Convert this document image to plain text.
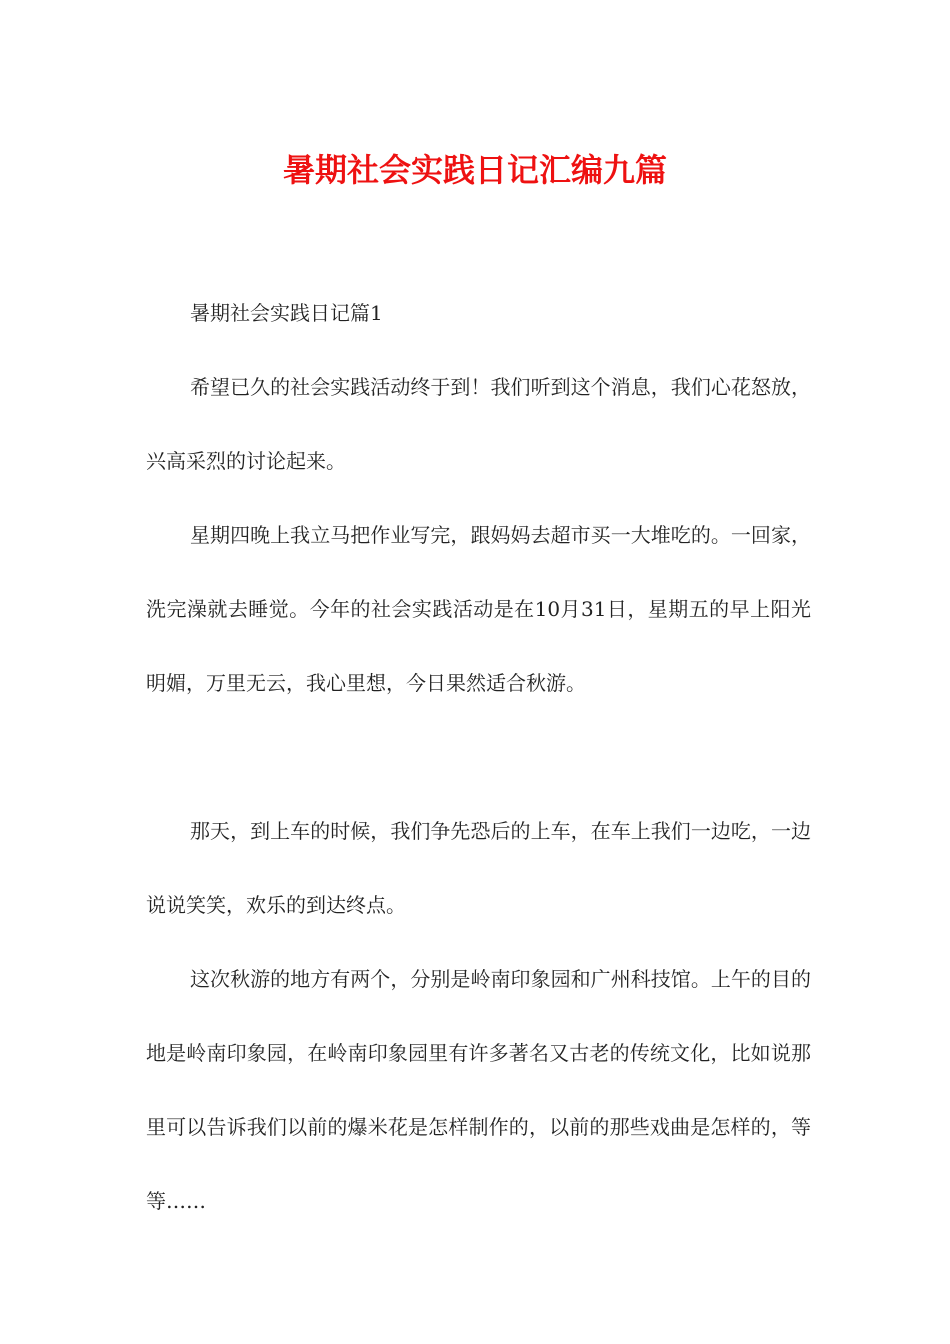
暑期社会实践日记汇编九篇

暑期社会实践日记篇1

希望已久的社会实践活动终于到！我们听到这个消息，我们心花怒放，兴高采烈的讨论起来。

星期四晚上我立马把作业写完，跟妈妈去超市买一大堆吃的。一回家，洗完澡就去睡觉。今年的社会实践活动是在10月31日，星期五的早上阳光明媚，万里无云，我心里想，今日果然适合秋游。

那天，到上车的时候，我们争先恐后的上车，在车上我们一边吃，一边说说笑笑，欢乐的到达终点。

这次秋游的地方有两个，分别是岭南印象园和广州科技馆。上午的目的地是岭南印象园，在岭南印象园里有许多著名又古老的传统文化，比如说那里可以告诉我们以前的爆米花是怎样制作的，以前的那些戏曲是怎样的，等等……
